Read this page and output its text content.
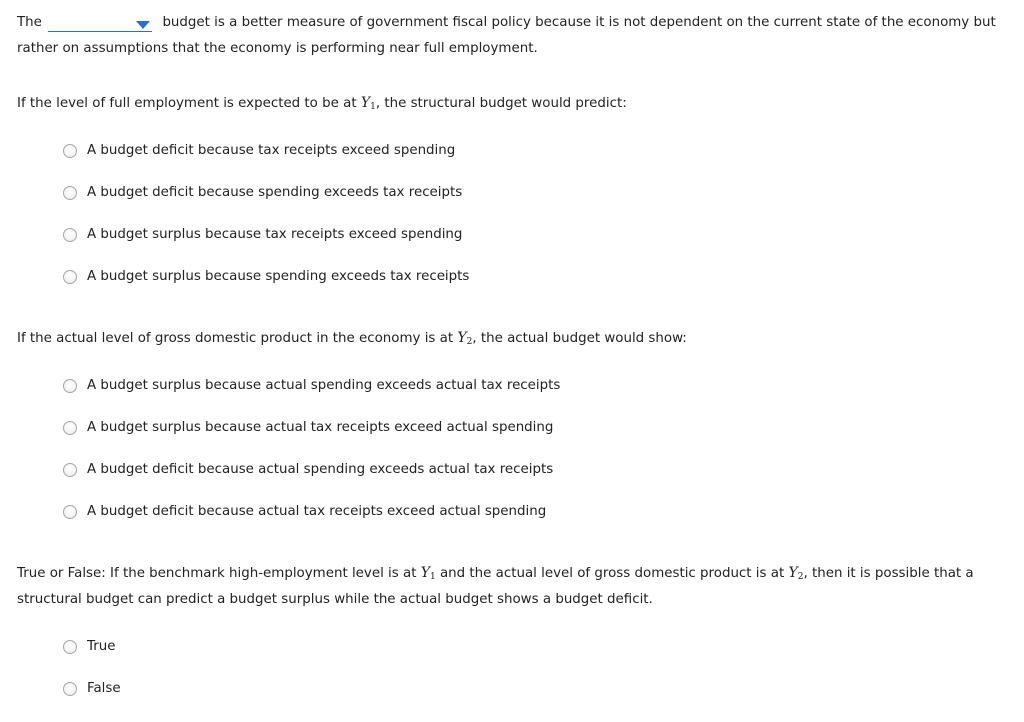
The	budget is a better measure of government fiscal policy because it is not dependent on the current state of the economy but
rather on assumptions that the economy is performing near full employment.
If the level of full employment is expected to be at $Y_1$, the structural budget would predict:
A budget deficit because tax receipts exceed spending
A budget deficit because spending exceeds tax receipts
A budget surplus because tax receipts exceed spending
A budget surplus because spending exceeds tax receipts
If the actual level of gross domestic product in the economy is at $Y_2$, the actual budget would show:
A budget surplus because actual spending exceeds actual tax receipts
A budget surplus because actual tax receipts exceed actual spending
A budget deficit because actual spending exceeds actual tax receipts
A budget deficit because actual tax receipts exceed actual spending
True or False: If the benchmark high-employment level is at $Y_1$ and the actual level of gross domestic product is at $Y_2$, then it is possible that a
structural budget can predict a budget surplus while the actual budget shows a budget deficit.
True
False
